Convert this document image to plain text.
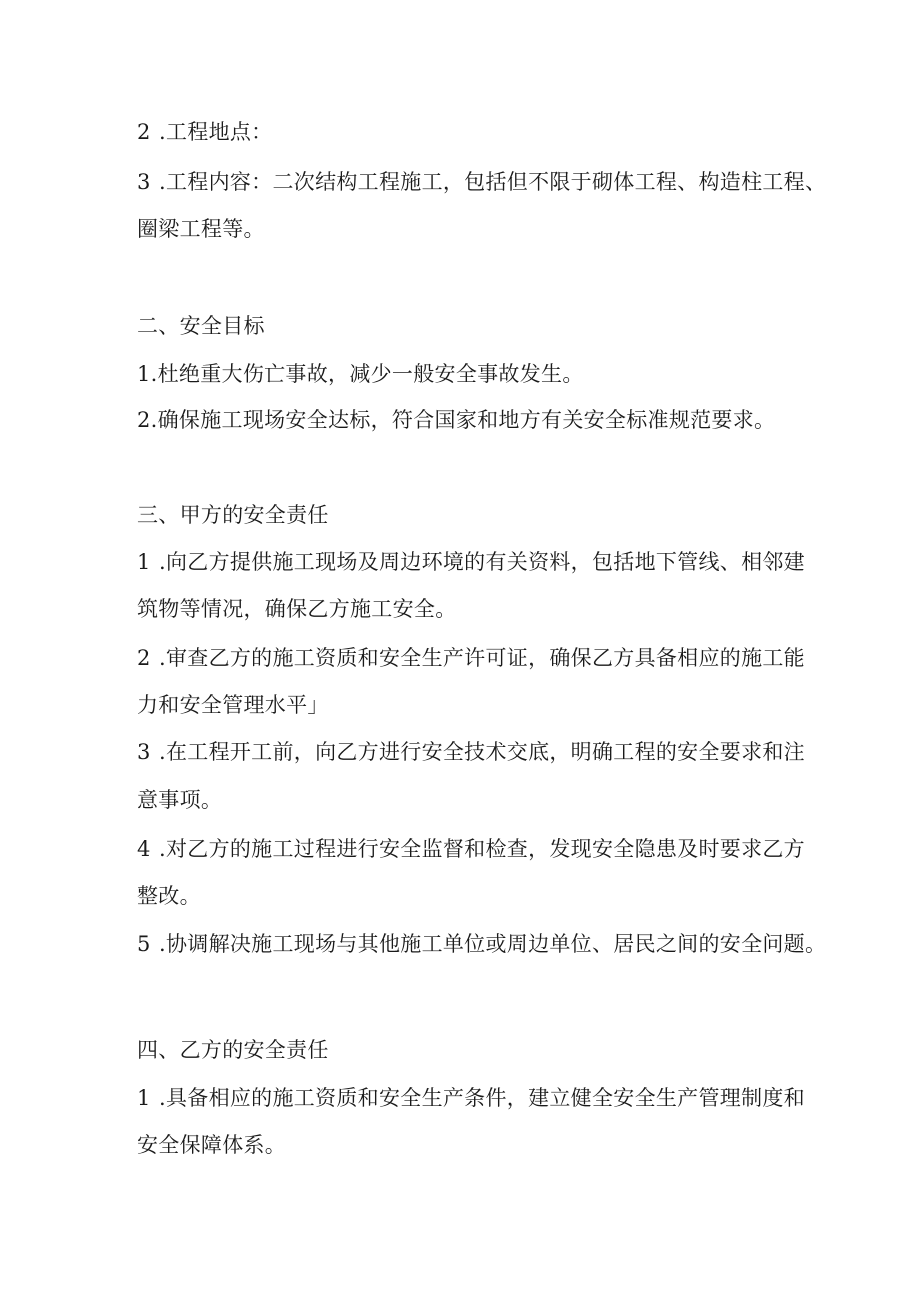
2 .工程地点：
3 .工程内容：二次结构工程施工，包括但不限于砌体工程、构造柱工程、
圈梁工程等。
二、安全目标
1.杜绝重大伤亡事故，减少一般安全事故发生。
2.确保施工现场安全达标，符合国家和地方有关安全标准规范要求。
三、甲方的安全责任
1 .向乙方提供施工现场及周边环境的有关资料，包括地下管线、相邻建
筑物等情况，确保乙方施工安全。
2 .审查乙方的施工资质和安全生产许可证，确保乙方具备相应的施工能
力和安全管理水平」
3 .在工程开工前，向乙方进行安全技术交底，明确工程的安全要求和注
意事项。
4 .对乙方的施工过程进行安全监督和检查，发现安全隐患及时要求乙方
整改。
5 .协调解决施工现场与其他施工单位或周边单位、居民之间的安全问题。
四、乙方的安全责任
1 .具备相应的施工资质和安全生产条件，建立健全安全生产管理制度和
安全保障体系。
